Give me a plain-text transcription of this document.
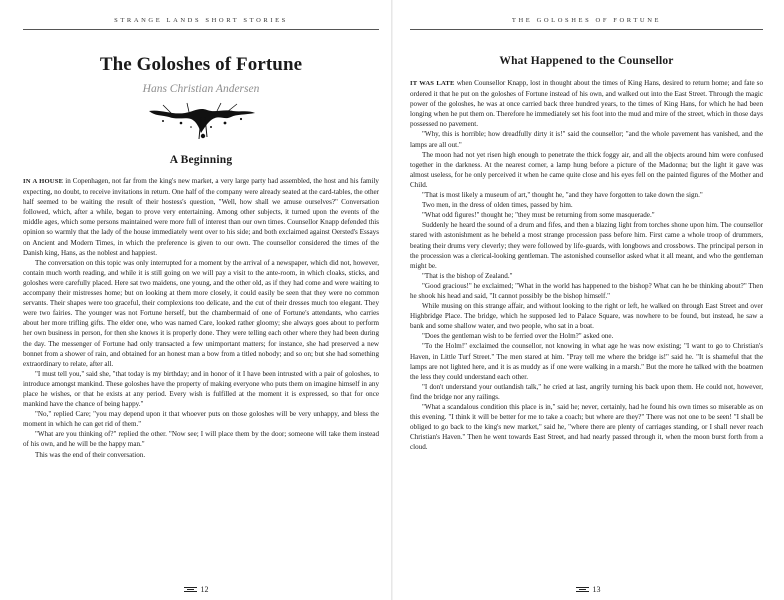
STRANGE LANDS SHORT STORIES
The Goloshes of Fortune
Hans Christian Andersen
A Beginning

IN A HOUSE in Copenhagen, not far from the king's new market, a very large party had assembled, the host and his family expecting, no doubt, to receive invitations in return. One half of the company were already seated at the card-tables, the other half seemed to be waiting the result of their hostess's question, "Well, how shall we amuse ourselves?" Conversation followed, which, after a while, began to prove very entertaining. Among other subjects, it turned upon the events of the middle ages, which some persons maintained were more full of interest than our own times. Counsellor Knapp defended this opinion so warmly that the lady of the house immediately went over to his side; and both exclaimed against Oersted's Essays on Ancient and Modern Times, in which the preference is given to our own. The counsellor considered the times of the Danish king, Hans, as the noblest and happiest.

The conversation on this topic was only interrupted for a moment by the arrival of a newspaper, which did not, however, contain much worth reading, and while it is still going on we will pay a visit to the ante-room, in which cloaks, sticks, and goloshes were carefully placed. Here sat two maidens, one young, and the other old, as if they had come and were waiting to accompany their mistresses home; but on looking at them more closely, it could easily be seen that they were no common servants. Their shapes were too graceful, their complexions too delicate, and the cut of their dresses much too elegant. They were two fairies. The younger was not Fortune herself, but the chambermaid of one of Fortune's attendants, who carries about her more trifling gifts. The elder one, who was named Care, looked rather gloomy; she always goes about to perform her own business in person, for then she knows it is properly done. They were telling each other where they had been during the day. The messenger of Fortune had only transacted a few unimportant matters; for instance, she had preserved a new bonnet from a shower of rain, and obtained for an honest man a bow from a titled nobody; and so on; but she had something extraordinary to relate, after all.

"I must tell you," said she, "that today is my birthday; and in honor of it I have been intrusted with a pair of goloshes, to introduce amongst mankind. These goloshes have the property of making everyone who puts them on imagine himself in any place he wishes, or that he exists at any period. Every wish is fulfilled at the moment it is expressed, so that for once mankind have the chance of being happy."

"No," replied Care; "you may depend upon it that whoever puts on those goloshes will be very unhappy, and bless the moment in which he can get rid of them."

"What are you thinking of?" replied the other. "Now see; I will place them by the door; someone will take them instead of his own, and he will be the happy man."

This was the end of their conversation.

12
THE GOLOSHES OF FORTUNE
What Happened to the Counsellor

IT WAS LATE when Counsellor Knapp, lost in thought about the times of King Hans, desired to return home; and fate so ordered it that he put on the goloshes of Fortune instead of his own, and walked out into the East Street. Through the magic power of the goloshes, he was at once carried back three hundred years, to the times of King Hans, for which he had been longing when he put them on. Therefore he immediately set his foot into the mud and mire of the street, which in those days possessed no pavement.

"Why, this is horrible; how dreadfully dirty it is!" said the counsellor; "and the whole pavement has vanished, and the lamps are all out."

The moon had not yet risen high enough to penetrate the thick foggy air, and all the objects around him were confused together in the darkness. At the nearest corner, a lamp hung before a picture of the Madonna; but the light it gave was almost useless, for he only perceived it when he came quite close and his eyes fell on the painted figures of the Mother and Child.

"That is most likely a museum of art," thought he, "and they have forgotten to take down the sign."

Two men, in the dress of olden times, passed by him.

"What odd figures!" thought he; "they must be returning from some masquerade."

Suddenly he heard the sound of a drum and fifes, and then a blazing light from torches shone upon him. The counsellor stared with astonishment as he beheld a most strange procession pass before him. First came a whole troop of drummers, beating their drums very cleverly; they were followed by life-guards, with longbows and crossbows. The principal person in the procession was a clerical-looking gentleman. The astonished counsellor asked what it all meant, and who the gentleman might be.

"That is the bishop of Zealand."

"Good gracious!" he exclaimed; "What in the world has happened to the bishop? What can he be thinking about?" Then he shook his head and said, "It cannot possibly be the bishop himself."

While musing on this strange affair, and without looking to the right or left, he walked on through East Street and over Highbridge Place. The bridge, which he supposed led to Palace Square, was nowhere to be found, but instead, he saw a bank and some shallow water, and two people, who sat in a boat.

"Does the gentleman wish to be ferried over the Holm?" asked one.

"To the Holm!" exclaimed the counsellor, not knowing in what age he was now existing; "I want to go to Christian's Haven, in Little Turf Street." The men stared at him. "Pray tell me where the bridge is!" said he. "It is shameful that the lamps are not lighted here, and it is as muddy as if one were walking in a marsh." But the more he talked with the boatmen the less they could understand each other.

"I don't understand your outlandish talk," he cried at last, angrily turning his back upon them. He could not, however, find the bridge nor any railings.

"What a scandalous condition this place is in," said he; never, certainly, had he found his own times so miserable as on this evening. "I think it will be better for me to take a coach; but where are they?" There was not one to be seen! "I shall be obliged to go back to the king's new market," said he, "where there are plenty of carriages standing, or I shall never reach Christian's Haven." Then he went towards East Street, and had nearly passed through it, when the moon burst forth from a cloud.

13
